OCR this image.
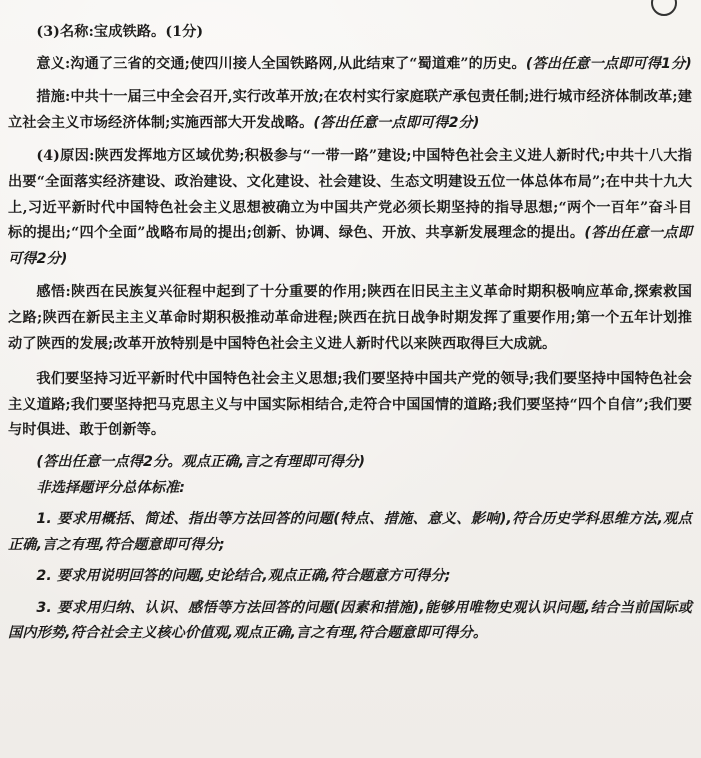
(3)名称:宝成铁路。(1分)

意义:沟通了三省的交通;使四川接人全国铁路网,从此结束了“蜀道难”的历史。(答出任意一点即可得1分)

措施:中共十一届三中全会召开,实行改革开放;在农村实行家庭联产承包责任制;进行城市经济体制改革;建立社会主义市场经济体制;实施西部大开发战略。(答出任意一点即可得2分)

(4)原因:陕西发挥地方区域优势;积极参与“一带一路”建设;中国特色社会主义进人新时代;中共十八大指出要“全面落实经济建设、政治建设、文化建设、社会建设、生态文明建设五位一体总体布局”;在中共十九大上,习近平新时代中国特色社会主义思想被确立为中国共产党必须长期坚持的指导思想;“两个一百年”奋斗目标的提出;“四个全面”战略布局的提出;创新、协调、绿色、开放、共享新发展理念的提出。(答出任意一点即可得2分)

感悟:陕西在民族复兴征程中起到了十分重要的作用;陕西在旧民主主义革命时期积极响应革命,探索救国之路;陕西在新民主主义革命时期积极推动革命进程;陕西在抗日战争时期发挥了重要作用;第一个五年计划推动了陕西的发展;改革开放特别是中国特色社会主义进人新时代以来陕西取得巨大成就。

我们要坚持习近平新时代中国特色社会主义思想;我们要坚持中国共产党的领导;我们要坚持中国特色社会主义道路;我们要坚持把马克思主义与中国实际相结合,走符合中国国情的道路;我们要坚持“四个自信”;我们要与时俱进、敢于创新等。

(答出任意一点得2分。观点正确,言之有理即可得分)

非选择题评分总体标准:

1. 要求用概括、简述、指出等方法回答的问题(特点、措施、意义、影响),符合历史学科思维方法,观点正确,言之有理,符合题意即可得分;

2. 要求用说明回答的问题,史论结合,观点正确,符合题意方可得分;

3. 要求用归纳、认识、感悟等方法回答的问题(因素和措施),能够用唯物史观认识问题,结合当前国际或国内形势,符合社会主义核心价值观,观点正确,言之有理,符合题意即可得分。
